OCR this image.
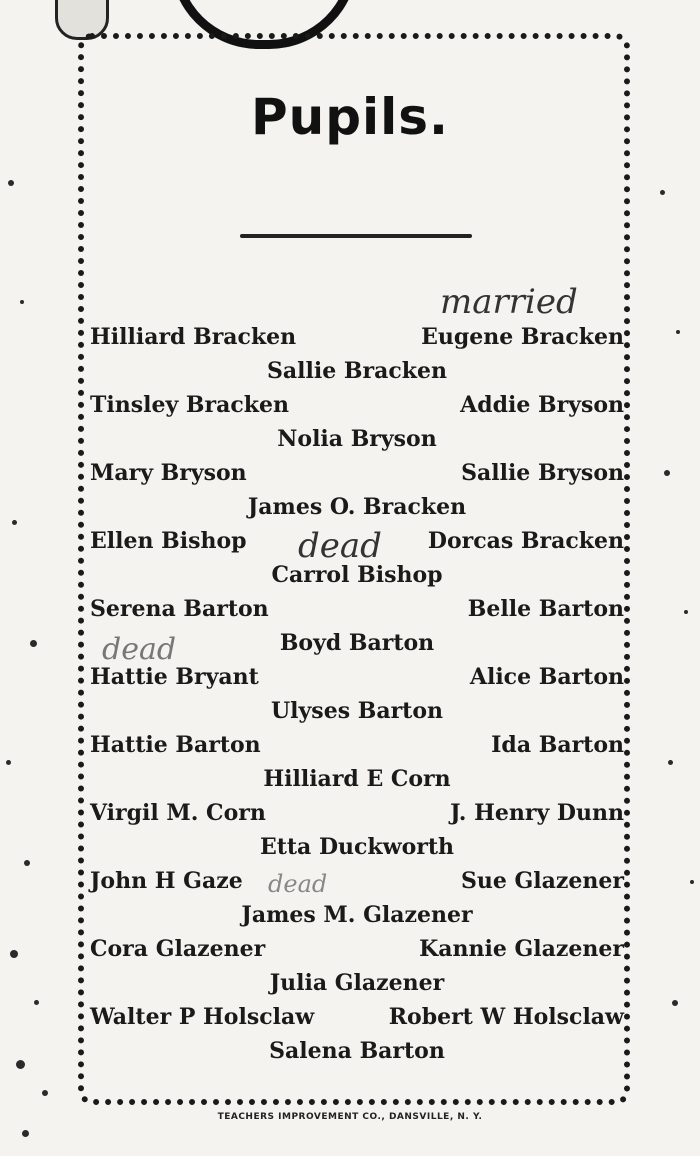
Pupils.
Hilliard Bracken	Eugene Bracken
Sallie Bracken
Tinsley Bracken	Addie Bryson
Nolia Bryson
Mary Bryson	Sallie Bryson
James O. Bracken
Ellen Bishop	Dorcas Bracken
Carrol Bishop
Serena Barton	Belle Barton
Boyd Barton
Hattie Bryant	Alice Barton
Ulyses Barton
Hattie Barton	Ida Barton
Hilliard E Corn
Virgil M. Corn	J. Henry Dunn
Etta Duckworth
John H Gaze	Sue Glazener
James M. Glazener
Cora Glazener	Kannie Glazener
Julia Glazener
Walter P Holsclaw	Robert W Holsclaw
Salena Barton
married
dead
dead
dead
TEACHERS IMPROVEMENT CO., DANSVILLE, N. Y.
